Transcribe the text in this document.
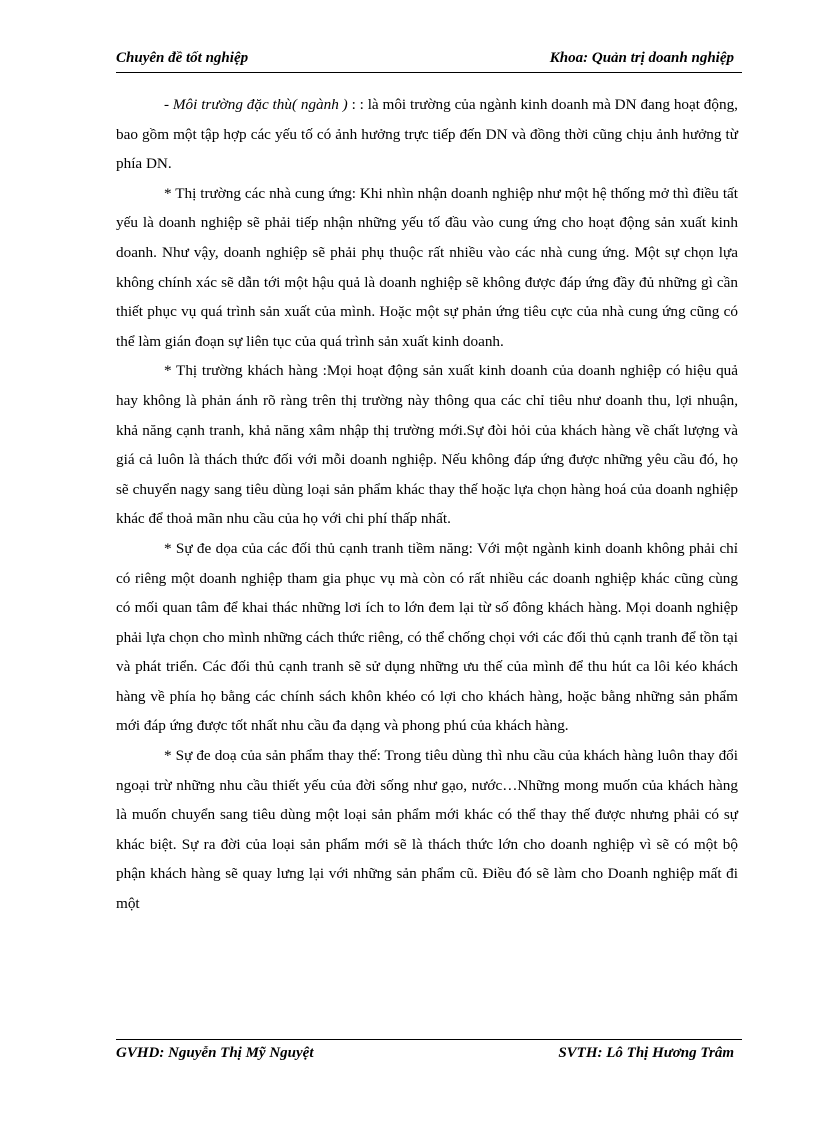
Chuyên đề tốt nghiệp	Khoa: Quản trị doanh nghiệp

- Môi trường đặc thù( ngành ) : : là môi trường của ngành kinh doanh mà DN đang hoạt động, bao gồm một tập hợp các yếu tố có ảnh hưởng trực tiếp đến DN và đồng thời cũng chịu ảnh hưởng từ phía DN.

* Thị trường các nhà cung ứng: Khi nhìn nhận doanh nghiệp như một hệ thống mở thì điều tất yếu là doanh nghiệp sẽ phải tiếp nhận những yếu tố đầu vào cung ứng cho hoạt động sản xuất kinh doanh. Như vậy, doanh nghiệp sẽ phải phụ thuộc rất nhiều vào các nhà cung ứng. Một sự chọn lựa không chính xác sẽ dẫn tới một hậu quả là doanh nghiệp sẽ không được đáp ứng đầy đủ những gì cần thiết phục vụ quá trình sản xuất của mình. Hoặc một sự phản ứng tiêu cực của nhà cung ứng cũng có thể làm gián đoạn sự liên tục của quá trình sản xuất kinh doanh.

* Thị trường khách hàng :Mọi hoạt động sản xuất kinh doanh của doanh nghiệp có hiệu quả hay không là phản ánh rõ ràng trên thị trường này thông qua các chỉ tiêu như doanh thu, lợi nhuận, khả năng cạnh tranh, khả năng xâm nhập thị trường mới.Sự đòi hỏi của khách hàng về chất lượng và giá cả luôn là thách thức đối với mỗi doanh nghiệp. Nếu không đáp ứng được những yêu cầu đó, họ sẽ chuyển nagy sang tiêu dùng loại sản phẩm khác thay thế hoặc lựa chọn hàng hoá của doanh nghiệp khác để thoả mãn nhu cầu của họ với chi phí thấp nhất.

* Sự đe dọa của các đối thủ cạnh tranh tiềm năng: Với một ngành kinh doanh không phải chỉ có riêng một doanh nghiệp tham gia phục vụ mà còn có rất nhiều các doanh nghiệp khác cũng cùng có mối quan tâm để khai thác những lơi ích to lớn đem lại từ số đông khách hàng. Mọi doanh nghiệp phải lựa chọn cho mình những cách thức riêng, có thể chống chọi với các đối thủ cạnh tranh để tồn tại và phát triển. Các đối thủ cạnh tranh sẽ sử dụng những ưu thế của mình để thu hút ca lôi kéo khách hàng về phía họ bằng các chính sách khôn khéo có lợi cho khách hàng, hoặc bằng những sản phẩm mới đáp ứng được tốt nhất nhu cầu đa dạng và phong phú của khách hàng.

* Sự đe doạ của sản phẩm thay thế: Trong tiêu dùng thì nhu cầu của khách hàng luôn thay đổi ngoại trừ những nhu cầu thiết yếu của đời sống như gạo, nước…Những mong muốn của khách hàng là muốn chuyển sang tiêu dùng một loại sản phẩm mới khác có thể thay thế được nhưng phải có sự khác biệt. Sự ra đời của loại sản phẩm mới sẽ là thách thức lớn cho doanh nghiệp vì sẽ có một bộ phận khách hàng sẽ quay lưng lại với những sản phẩm cũ. Điều đó sẽ làm cho Doanh nghiệp mất đi một

GVHD: Nguyễn Thị Mỹ Nguyệt	SVTH: Lô Thị Hương Trâm
